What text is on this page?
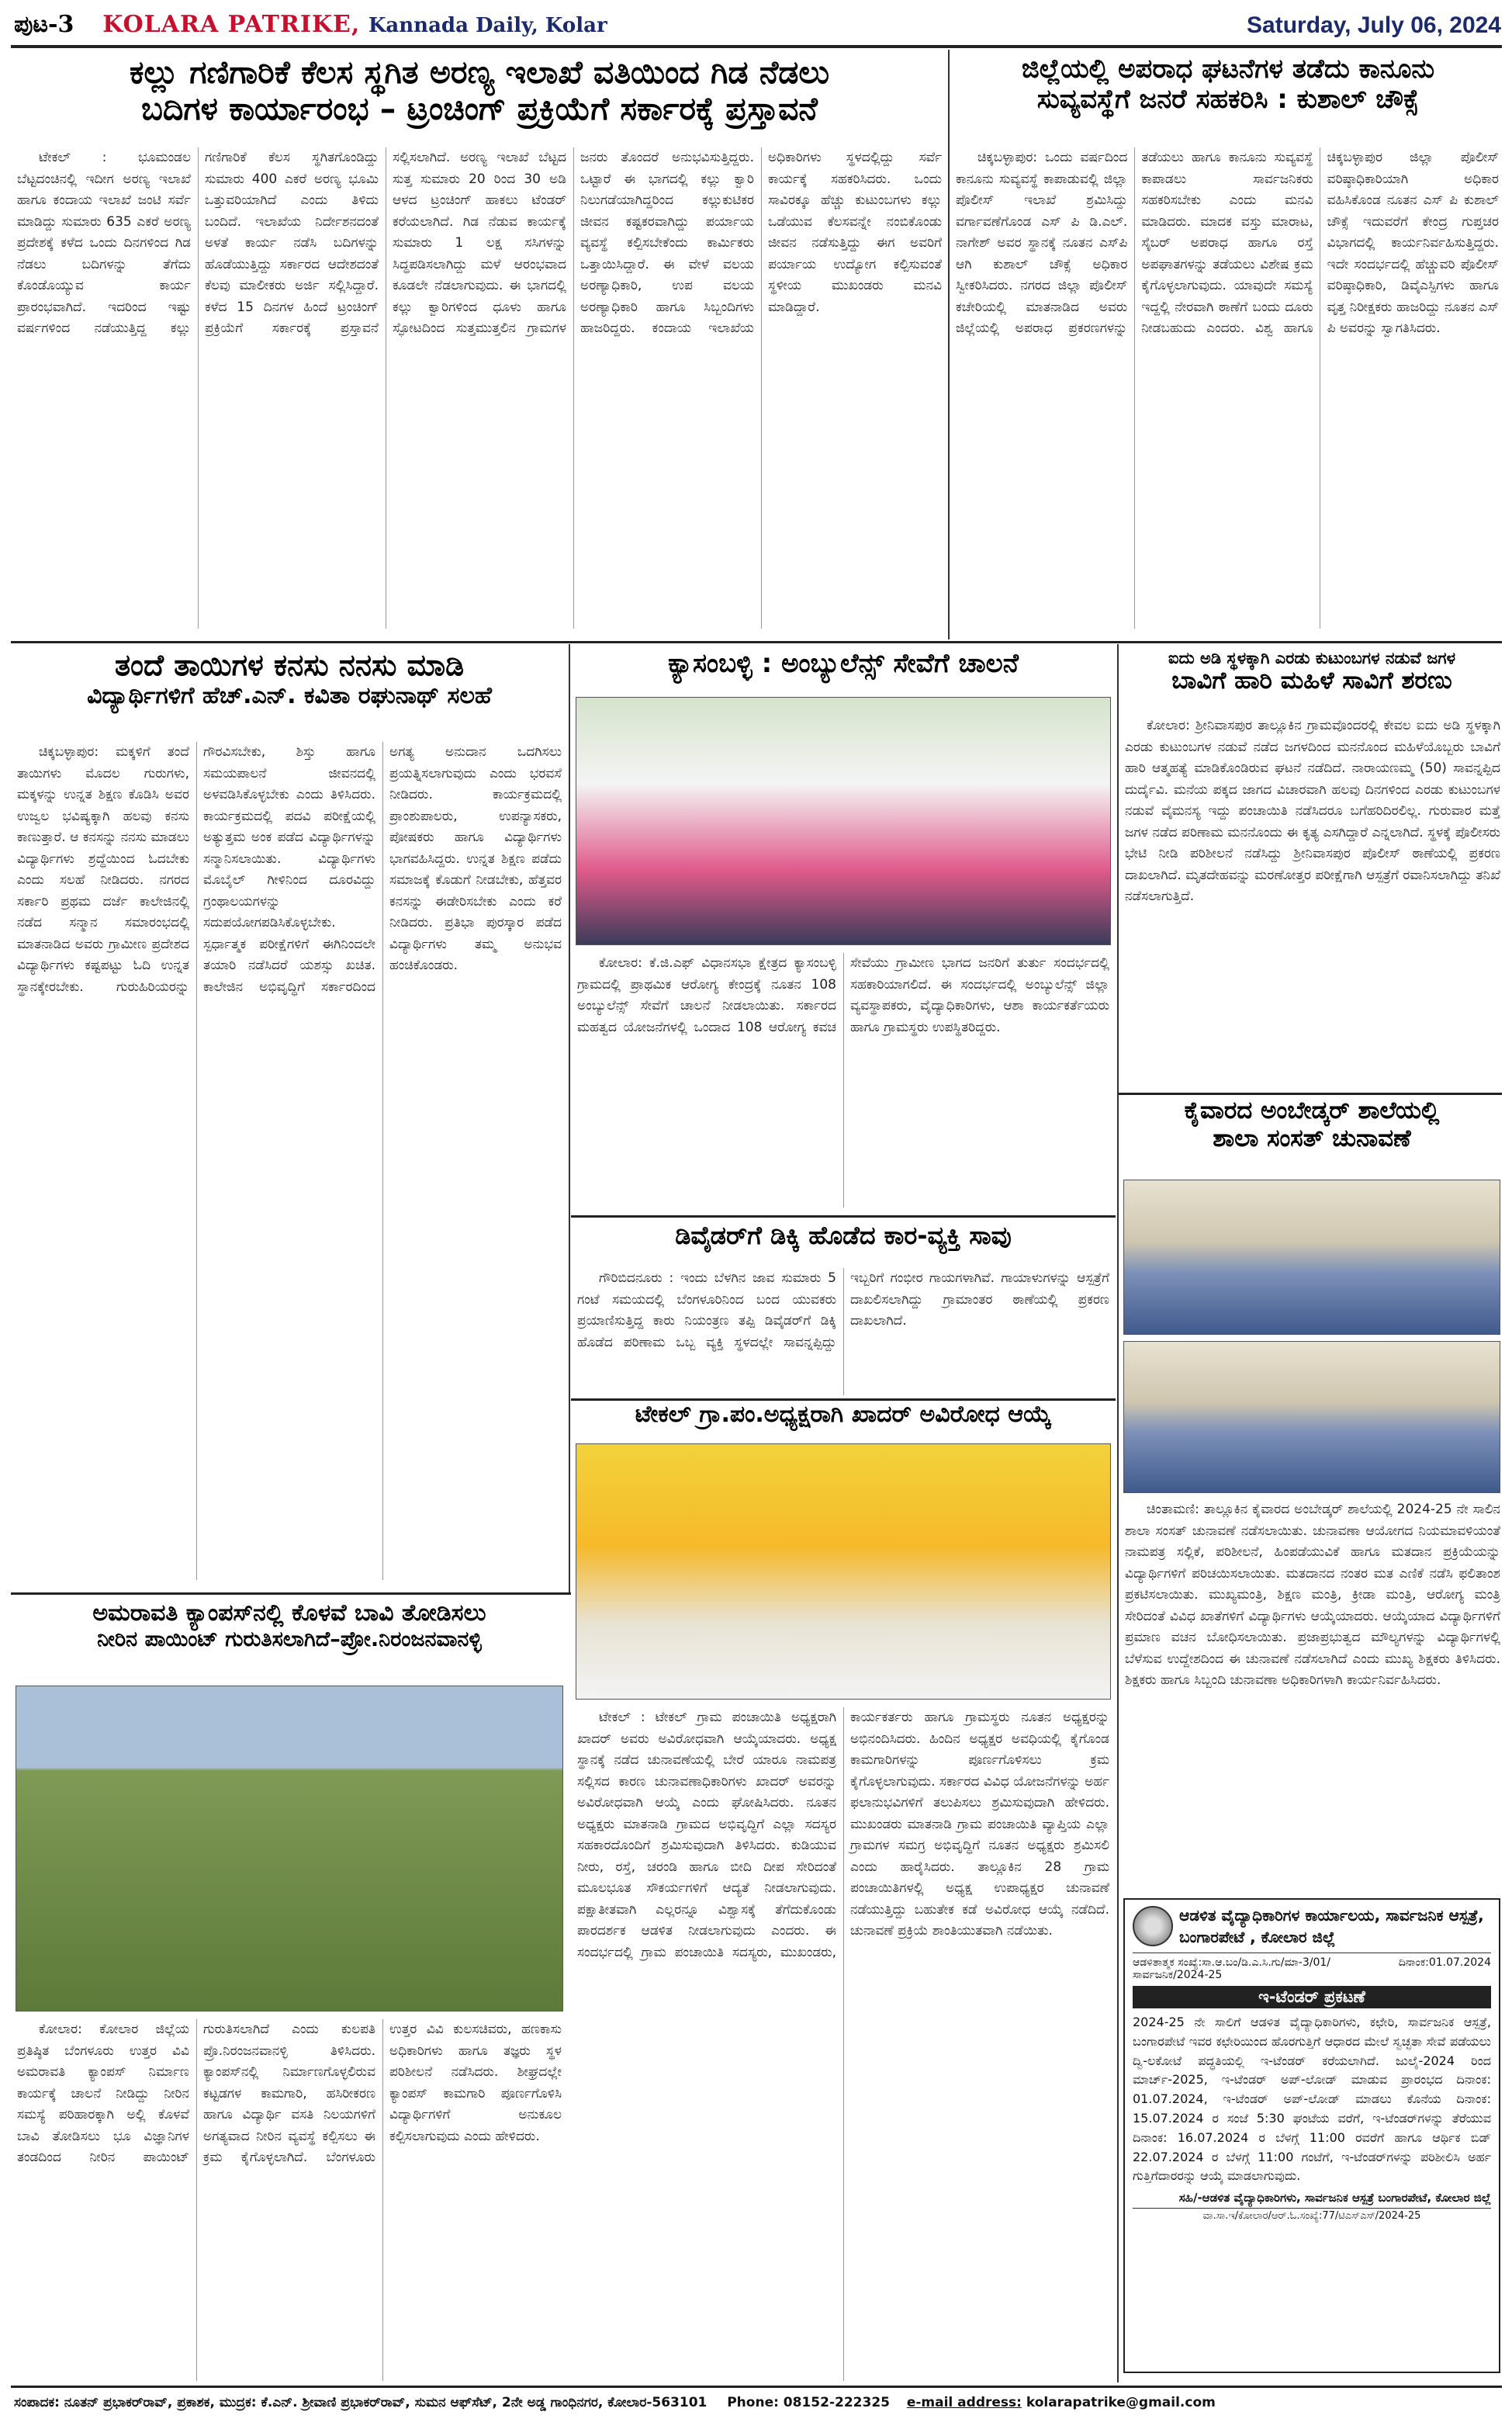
ಪುಟ-3 KOLARA PATRIKE, Kannada Daily, Kolar	Saturday, July 06, 2024
ಕಲ್ಲು ಗಣಿಗಾರಿಕೆ ಕೆಲಸ ಸ್ಥಗಿತ ಅರಣ್ಯ ಇಲಾಖೆ ವತಿಯಿಂದ ಗಿಡ ನೆಡಲು
ಬದಿಗಳ ಕಾರ್ಯಾರಂಭ – ಟ್ರಂಚಿಂಗ್ ಪ್ರಕ್ರಿಯೆಗೆ ಸರ್ಕಾರಕ್ಕೆ ಪ್ರಸ್ತಾವನೆ

ಟೇಕಲ್ : ಭೂಮಂಡಲ ಬೆಟ್ಟದಂಚಿನಲ್ಲಿ ಇದೀಗ ಅರಣ್ಯ ಇಲಾಖೆ ಹಾಗೂ ಕಂದಾಯ ಇಲಾಖೆ ಜಂಟಿ ಸರ್ವೆ ಮಾಡಿದ್ದು ಸುಮಾರು 635 ಎಕರೆ ಅರಣ್ಯ ಪ್ರದೇಶಕ್ಕೆ ಕಳೆದ ಒಂದು ದಿನಗಳಿಂದ ಗಿಡ ನೆಡಲು ಬದಿಗಳನ್ನು ತೆಗೆದು ಕೊಂಡೊಯ್ಯುವ ಕಾರ್ಯ ಪ್ರಾರಂಭವಾಗಿದೆ. ಇದರಿಂದ ಇಷ್ಟು ವರ್ಷಗಳಿಂದ ನಡೆಯುತ್ತಿದ್ದ ಕಲ್ಲು ಗಣಿಗಾರಿಕೆ ಕೆಲಸ ಸ್ಥಗಿತಗೊಂಡಿದ್ದು ಸುಮಾರು 400 ಎಕರೆ ಅರಣ್ಯ ಭೂಮಿ ಒತ್ತುವರಿಯಾಗಿದೆ ಎಂದು ತಿಳಿದು ಬಂದಿದೆ. ಇಲಾಖೆಯ ನಿರ್ದೇಶನದಂತೆ ಅಳತೆ ಕಾರ್ಯ ನಡೆಸಿ ಬದಿಗಳನ್ನು ಹೊಡೆಯುತ್ತಿದ್ದು ಸರ್ಕಾರದ ಆದೇಶದಂತೆ ಕೆಲವು ಮಾಲೀಕರು ಅರ್ಜಿ ಸಲ್ಲಿಸಿದ್ದಾರೆ. ಕಳೆದ 15 ದಿನಗಳ ಹಿಂದೆ ಟ್ರಂಚಿಂಗ್ ಪ್ರಕ್ರಿಯೆಗೆ ಸರ್ಕಾರಕ್ಕೆ ಪ್ರಸ್ತಾವನೆ ಸಲ್ಲಿಸಲಾಗಿದೆ. ಅರಣ್ಯ ಇಲಾಖೆ ಬೆಟ್ಟದ ಸುತ್ತ ಸುಮಾರು 20 ರಿಂದ 30 ಅಡಿ ಆಳದ ಟ್ರಂಚಿಂಗ್ ಹಾಕಲು ಟೆಂಡರ್ ಕರೆಯಲಾಗಿದೆ. ಗಿಡ ನೆಡುವ ಕಾರ್ಯಕ್ಕೆ ಸುಮಾರು 1 ಲಕ್ಷ ಸಸಿಗಳನ್ನು ಸಿದ್ಧಪಡಿಸಲಾಗಿದ್ದು ಮಳೆ ಆರಂಭವಾದ ಕೂಡಲೇ ನೆಡಲಾಗುವುದು. ಈ ಭಾಗದಲ್ಲಿ ಕಲ್ಲು ಕ್ವಾರಿಗಳಿಂದ ಧೂಳು ಹಾಗೂ ಸ್ಫೋಟದಿಂದ ಸುತ್ತಮುತ್ತಲಿನ ಗ್ರಾಮಗಳ ಜನರು ತೊಂದರೆ ಅನುಭವಿಸುತ್ತಿದ್ದರು. ಒಟ್ಟಾರೆ ಈ ಭಾಗದಲ್ಲಿ ಕಲ್ಲು ಕ್ವಾರಿ ನಿಲುಗಡೆಯಾಗಿದ್ದರಿಂದ ಕಲ್ಲುಕುಟಿಕರ ಜೀವನ ಕಷ್ಟಕರವಾಗಿದ್ದು ಪರ್ಯಾಯ ವ್ಯವಸ್ಥೆ ಕಲ್ಪಿಸಬೇಕೆಂದು ಕಾರ್ಮಿಕರು ಒತ್ತಾಯಿಸಿದ್ದಾರೆ. ಈ ವೇಳೆ ವಲಯ ಅರಣ್ಯಾಧಿಕಾರಿ, ಉಪ ವಲಯ ಅರಣ್ಯಾಧಿಕಾರಿ ಹಾಗೂ ಸಿಬ್ಬಂದಿಗಳು ಹಾಜರಿದ್ದರು. ಕಂದಾಯ ಇಲಾಖೆಯ ಅಧಿಕಾರಿಗಳು ಸ್ಥಳದಲ್ಲಿದ್ದು ಸರ್ವೆ ಕಾರ್ಯಕ್ಕೆ ಸಹಕರಿಸಿದರು. ಒಂದು ಸಾವಿರಕ್ಕೂ ಹೆಚ್ಚು ಕುಟುಂಬಗಳು ಕಲ್ಲು ಒಡೆಯುವ ಕೆಲಸವನ್ನೇ ನಂಬಿಕೊಂಡು ಜೀವನ ನಡೆಸುತ್ತಿದ್ದು ಈಗ ಅವರಿಗೆ ಪರ್ಯಾಯ ಉದ್ಯೋಗ ಕಲ್ಪಿಸುವಂತೆ ಸ್ಥಳೀಯ ಮುಖಂಡರು ಮನವಿ ಮಾಡಿದ್ದಾರೆ.

ಜಿಲ್ಲೆಯಲ್ಲಿ ಅಪರಾಧ ಘಟನೆಗಳ ತಡೆದು ಕಾನೂನು
ಸುವ್ಯವಸ್ಥೆಗೆ ಜನರೆ ಸಹಕರಿಸಿ : ಕುಶಾಲ್ ಚೌಕ್ಸೆ

ಚಿಕ್ಕಬಳ್ಳಾಪುರ: ಒಂದು ವರ್ಷದಿಂದ ಕಾನೂನು ಸುವ್ಯವಸ್ಥೆ ಕಾಪಾಡುವಲ್ಲಿ ಜಿಲ್ಲಾ ಪೊಲೀಸ್ ಇಲಾಖೆ ಶ್ರಮಿಸಿದ್ದು ವರ್ಗಾವಣೆಗೊಂಡ ಎಸ್ ಪಿ ಡಿ.ಎಲ್. ನಾಗೇಶ್ ಅವರ ಸ್ಥಾನಕ್ಕೆ ನೂತನ ಎಸ್‌ಪಿ ಆಗಿ ಕುಶಾಲ್ ಚೌಕ್ಸೆ ಅಧಿಕಾರ ಸ್ವೀಕರಿಸಿದರು. ನಗರದ ಜಿಲ್ಲಾ ಪೊಲೀಸ್ ಕಚೇರಿಯಲ್ಲಿ ಮಾತನಾಡಿದ ಅವರು ಜಿಲ್ಲೆಯಲ್ಲಿ ಅಪರಾಧ ಪ್ರಕರಣಗಳನ್ನು ತಡೆಯಲು ಹಾಗೂ ಕಾನೂನು ಸುವ್ಯವಸ್ಥೆ ಕಾಪಾಡಲು ಸಾರ್ವಜನಿಕರು ಸಹಕರಿಸಬೇಕು ಎಂದು ಮನವಿ ಮಾಡಿದರು. ಮಾದಕ ವಸ್ತು ಮಾರಾಟ, ಸೈಬರ್ ಅಪರಾಧ ಹಾಗೂ ರಸ್ತೆ ಅಪಘಾತಗಳನ್ನು ತಡೆಯಲು ವಿಶೇಷ ಕ್ರಮ ಕೈಗೊಳ್ಳಲಾಗುವುದು. ಯಾವುದೇ ಸಮಸ್ಯೆ ಇದ್ದಲ್ಲಿ ನೇರವಾಗಿ ಠಾಣೆಗೆ ಬಂದು ದೂರು ನೀಡಬಹುದು ಎಂದರು. ವಿಶ್ವ ಹಾಗೂ ಚಿಕ್ಕಬಳ್ಳಾಪುರ ಜಿಲ್ಲಾ ಪೊಲೀಸ್ ವರಿಷ್ಠಾಧಿಕಾರಿಯಾಗಿ ಅಧಿಕಾರ ವಹಿಸಿಕೊಂಡ ನೂತನ ಎಸ್ ಪಿ ಕುಶಾಲ್ ಚೌಕ್ಸೆ ಇದುವರೆಗೆ ಕೇಂದ್ರ ಗುಪ್ತಚರ ವಿಭಾಗದಲ್ಲಿ ಕಾರ್ಯನಿರ್ವಹಿಸುತ್ತಿದ್ದರು. ಇದೇ ಸಂದರ್ಭದಲ್ಲಿ ಹೆಚ್ಚುವರಿ ಪೊಲೀಸ್ ವರಿಷ್ಠಾಧಿಕಾರಿ, ಡಿವೈಎಸ್ಪಿಗಳು ಹಾಗೂ ವೃತ್ತ ನಿರೀಕ್ಷಕರು ಹಾಜರಿದ್ದು ನೂತನ ಎಸ್ ಪಿ ಅವರನ್ನು ಸ್ವಾಗತಿಸಿದರು.

ತಂದೆ ತಾಯಿಗಳ ಕನಸು ನನಸು ಮಾಡಿ
ವಿದ್ಯಾರ್ಥಿಗಳಿಗೆ ಹೆಚ್.ಎನ್. ಕವಿತಾ ರಘುನಾಥ್ ಸಲಹೆ

ಚಿಕ್ಕಬಳ್ಳಾಪುರ: ಮಕ್ಕಳಿಗೆ ತಂದೆ ತಾಯಿಗಳು ಮೊದಲ ಗುರುಗಳು, ಮಕ್ಕಳನ್ನು ಉನ್ನತ ಶಿಕ್ಷಣ ಕೊಡಿಸಿ ಅವರ ಉಜ್ವಲ ಭವಿಷ್ಯಕ್ಕಾಗಿ ಹಲವು ಕನಸು ಕಾಣುತ್ತಾರೆ. ಆ ಕನಸನ್ನು ನನಸು ಮಾಡಲು ವಿದ್ಯಾರ್ಥಿಗಳು ಶ್ರದ್ಧೆಯಿಂದ ಓದಬೇಕು ಎಂದು ಸಲಹೆ ನೀಡಿದರು. ನಗರದ ಸರ್ಕಾರಿ ಪ್ರಥಮ ದರ್ಜೆ ಕಾಲೇಜಿನಲ್ಲಿ ನಡೆದ ಸನ್ಮಾನ ಸಮಾರಂಭದಲ್ಲಿ ಮಾತನಾಡಿದ ಅವರು ಗ್ರಾಮೀಣ ಪ್ರದೇಶದ ವಿದ್ಯಾರ್ಥಿಗಳು ಕಷ್ಟಪಟ್ಟು ಓದಿ ಉನ್ನತ ಸ್ಥಾನಕ್ಕೇರಬೇಕು. ಗುರುಹಿರಿಯರನ್ನು ಗೌರವಿಸಬೇಕು, ಶಿಸ್ತು ಹಾಗೂ ಸಮಯಪಾಲನೆ ಜೀವನದಲ್ಲಿ ಅಳವಡಿಸಿಕೊಳ್ಳಬೇಕು ಎಂದು ತಿಳಿಸಿದರು. ಕಾರ್ಯಕ್ರಮದಲ್ಲಿ ಪದವಿ ಪರೀಕ್ಷೆಯಲ್ಲಿ ಅತ್ಯುತ್ತಮ ಅಂಕ ಪಡೆದ ವಿದ್ಯಾರ್ಥಿಗಳನ್ನು ಸನ್ಮಾನಿಸಲಾಯಿತು. ವಿದ್ಯಾರ್ಥಿಗಳು ಮೊಬೈಲ್ ಗೀಳಿನಿಂದ ದೂರವಿದ್ದು ಗ್ರಂಥಾಲಯಗಳನ್ನು ಸದುಪಯೋಗಪಡಿಸಿಕೊಳ್ಳಬೇಕು. ಸ್ಪರ್ಧಾತ್ಮಕ ಪರೀಕ್ಷೆಗಳಿಗೆ ಈಗಿನಿಂದಲೇ ತಯಾರಿ ನಡೆಸಿದರೆ ಯಶಸ್ಸು ಖಚಿತ. ಕಾಲೇಜಿನ ಅಭಿವೃದ್ಧಿಗೆ ಸರ್ಕಾರದಿಂದ ಅಗತ್ಯ ಅನುದಾನ ಒದಗಿಸಲು ಪ್ರಯತ್ನಿಸಲಾಗುವುದು ಎಂದು ಭರವಸೆ ನೀಡಿದರು. ಕಾರ್ಯಕ್ರಮದಲ್ಲಿ ಪ್ರಾಂಶುಪಾಲರು, ಉಪನ್ಯಾಸಕರು, ಪೋಷಕರು ಹಾಗೂ ವಿದ್ಯಾರ್ಥಿಗಳು ಭಾಗವಹಿಸಿದ್ದರು. ಉನ್ನತ ಶಿಕ್ಷಣ ಪಡೆದು ಸಮಾಜಕ್ಕೆ ಕೊಡುಗೆ ನೀಡಬೇಕು, ಹೆತ್ತವರ ಕನಸನ್ನು ಈಡೇರಿಸಬೇಕು ಎಂದು ಕರೆ ನೀಡಿದರು. ಪ್ರತಿಭಾ ಪುರಸ್ಕಾರ ಪಡೆದ ವಿದ್ಯಾರ್ಥಿಗಳು ತಮ್ಮ ಅನುಭವ ಹಂಚಿಕೊಂಡರು.

ಕ್ಯಾಸಂಬಳ್ಳಿ : ಅಂಬ್ಯುಲೆನ್ಸ್ ಸೇವೆಗೆ ಚಾಲನೆ

ಕೋಲಾರ: ಕೆ.ಜಿ.ಎಫ್ ವಿಧಾನಸಭಾ ಕ್ಷೇತ್ರದ ಕ್ಯಾಸಂಬಳ್ಳಿ ಗ್ರಾಮದಲ್ಲಿ ಪ್ರಾಥಮಿಕ ಆರೋಗ್ಯ ಕೇಂದ್ರಕ್ಕೆ ನೂತನ 108 ಅಂಬ್ಯುಲೆನ್ಸ್ ಸೇವೆಗೆ ಚಾಲನೆ ನೀಡಲಾಯಿತು. ಸರ್ಕಾರದ ಮಹತ್ವದ ಯೋಜನೆಗಳಲ್ಲಿ ಒಂದಾದ 108 ಆರೋಗ್ಯ ಕವಚ ಸೇವೆಯು ಗ್ರಾಮೀಣ ಭಾಗದ ಜನರಿಗೆ ತುರ್ತು ಸಂದರ್ಭದಲ್ಲಿ ಸಹಕಾರಿಯಾಗಲಿದೆ. ಈ ಸಂದರ್ಭದಲ್ಲಿ ಅಂಬ್ಯುಲೆನ್ಸ್ ಜಿಲ್ಲಾ ವ್ಯವಸ್ಥಾಪಕರು, ವೈದ್ಯಾಧಿಕಾರಿಗಳು, ಆಶಾ ಕಾರ್ಯಕರ್ತೆಯರು ಹಾಗೂ ಗ್ರಾಮಸ್ಥರು ಉಪಸ್ಥಿತರಿದ್ದರು.

ಡಿವೈಡರ್‌ಗೆ ಡಿಕ್ಕಿ ಹೊಡೆದ ಕಾರ-ವ್ಯಕ್ತಿ ಸಾವು

ಗೌರಿಬಿದನೂರು : ಇಂದು ಬೆಳಗಿನ ಜಾವ ಸುಮಾರು 5 ಗಂಟೆ ಸಮಯದಲ್ಲಿ ಬೆಂಗಳೂರಿನಿಂದ ಬಂದ ಯುವಕರು ಪ್ರಯಾಣಿಸುತ್ತಿದ್ದ ಕಾರು ನಿಯಂತ್ರಣ ತಪ್ಪಿ ಡಿವೈಡರ್‌ಗೆ ಡಿಕ್ಕಿ ಹೊಡೆದ ಪರಿಣಾಮ ಒಬ್ಬ ವ್ಯಕ್ತಿ ಸ್ಥಳದಲ್ಲೇ ಸಾವನ್ನಪ್ಪಿದ್ದು ಇಬ್ಬರಿಗೆ ಗಂಭೀರ ಗಾಯಗಳಾಗಿವೆ. ಗಾಯಾಳುಗಳನ್ನು ಆಸ್ಪತ್ರೆಗೆ ದಾಖಲಿಸಲಾಗಿದ್ದು ಗ್ರಾಮಾಂತರ ಠಾಣೆಯಲ್ಲಿ ಪ್ರಕರಣ ದಾಖಲಾಗಿದೆ.

ಟೇಕಲ್ ಗ್ರಾ.ಪಂ.ಅಧ್ಯಕ್ಷರಾಗಿ ಖಾದರ್ ಅವಿರೋಧ ಆಯ್ಕೆ

ಟೇಕಲ್ : ಟೇಕಲ್ ಗ್ರಾಮ ಪಂಚಾಯಿತಿ ಅಧ್ಯಕ್ಷರಾಗಿ ಖಾದರ್ ಅವರು ಅವಿರೋಧವಾಗಿ ಆಯ್ಕೆಯಾದರು. ಅಧ್ಯಕ್ಷ ಸ್ಥಾನಕ್ಕೆ ನಡೆದ ಚುನಾವಣೆಯಲ್ಲಿ ಬೇರೆ ಯಾರೂ ನಾಮಪತ್ರ ಸಲ್ಲಿಸದ ಕಾರಣ ಚುನಾವಣಾಧಿಕಾರಿಗಳು ಖಾದರ್ ಅವರನ್ನು ಅವಿರೋಧವಾಗಿ ಆಯ್ಕೆ ಎಂದು ಘೋಷಿಸಿದರು. ನೂತನ ಅಧ್ಯಕ್ಷರು ಮಾತನಾಡಿ ಗ್ರಾಮದ ಅಭಿವೃದ್ಧಿಗೆ ಎಲ್ಲಾ ಸದಸ್ಯರ ಸಹಕಾರದೊಂದಿಗೆ ಶ್ರಮಿಸುವುದಾಗಿ ತಿಳಿಸಿದರು. ಕುಡಿಯುವ ನೀರು, ರಸ್ತೆ, ಚರಂಡಿ ಹಾಗೂ ಬೀದಿ ದೀಪ ಸೇರಿದಂತೆ ಮೂಲಭೂತ ಸೌಕರ್ಯಗಳಿಗೆ ಆದ್ಯತೆ ನೀಡಲಾಗುವುದು. ಪಕ್ಷಾತೀತವಾಗಿ ಎಲ್ಲರನ್ನೂ ವಿಶ್ವಾಸಕ್ಕೆ ತೆಗೆದುಕೊಂಡು ಪಾರದರ್ಶಕ ಆಡಳಿತ ನೀಡಲಾಗುವುದು ಎಂದರು. ಈ ಸಂದರ್ಭದಲ್ಲಿ ಗ್ರಾಮ ಪಂಚಾಯಿತಿ ಸದಸ್ಯರು, ಮುಖಂಡರು, ಕಾರ್ಯಕರ್ತರು ಹಾಗೂ ಗ್ರಾಮಸ್ಥರು ನೂತನ ಅಧ್ಯಕ್ಷರನ್ನು ಅಭಿನಂದಿಸಿದರು. ಹಿಂದಿನ ಅಧ್ಯಕ್ಷರ ಅವಧಿಯಲ್ಲಿ ಕೈಗೊಂಡ ಕಾಮಗಾರಿಗಳನ್ನು ಪೂರ್ಣಗೊಳಿಸಲು ಕ್ರಮ ಕೈಗೊಳ್ಳಲಾಗುವುದು. ಸರ್ಕಾರದ ವಿವಿಧ ಯೋಜನೆಗಳನ್ನು ಅರ್ಹ ಫಲಾನುಭವಿಗಳಿಗೆ ತಲುಪಿಸಲು ಶ್ರಮಿಸುವುದಾಗಿ ಹೇಳಿದರು. ಮುಖಂಡರು ಮಾತನಾಡಿ ಗ್ರಾಮ ಪಂಚಾಯಿತಿ ವ್ಯಾಪ್ತಿಯ ಎಲ್ಲಾ ಗ್ರಾಮಗಳ ಸಮಗ್ರ ಅಭಿವೃದ್ಧಿಗೆ ನೂತನ ಅಧ್ಯಕ್ಷರು ಶ್ರಮಿಸಲಿ ಎಂದು ಹಾರೈಸಿದರು. ತಾಲ್ಲೂಕಿನ 28 ಗ್ರಾಮ ಪಂಚಾಯಿತಿಗಳಲ್ಲಿ ಅಧ್ಯಕ್ಷ ಉಪಾಧ್ಯಕ್ಷರ ಚುನಾವಣೆ ನಡೆಯುತ್ತಿದ್ದು ಬಹುತೇಕ ಕಡೆ ಅವಿರೋಧ ಆಯ್ಕೆ ನಡೆದಿದೆ. ಚುನಾವಣೆ ಪ್ರಕ್ರಿಯೆ ಶಾಂತಿಯುತವಾಗಿ ನಡೆಯಿತು.

ಐದು ಅಡಿ ಸ್ಥಳಕ್ಕಾಗಿ ಎರಡು ಕುಟುಂಬಗಳ ನಡುವೆ ಜಗಳ
ಬಾವಿಗೆ ಹಾರಿ ಮಹಿಳೆ ಸಾವಿಗೆ ಶರಣು

ಕೋಲಾರ: ಶ್ರೀನಿವಾಸಪುರ ತಾಲ್ಲೂಕಿನ ಗ್ರಾಮವೊಂದರಲ್ಲಿ ಕೇವಲ ಐದು ಅಡಿ ಸ್ಥಳಕ್ಕಾಗಿ ಎರಡು ಕುಟುಂಬಗಳ ನಡುವೆ ನಡೆದ ಜಗಳದಿಂದ ಮನನೊಂದ ಮಹಿಳೆಯೊಬ್ಬರು ಬಾವಿಗೆ ಹಾರಿ ಆತ್ಮಹತ್ಯೆ ಮಾಡಿಕೊಂಡಿರುವ ಘಟನೆ ನಡೆದಿದೆ. ನಾರಾಯಣಮ್ಮ (50) ಸಾವನ್ನಪ್ಪಿದ ದುರ್ದೈವಿ. ಮನೆಯ ಪಕ್ಕದ ಜಾಗದ ವಿಚಾರವಾಗಿ ಹಲವು ದಿನಗಳಿಂದ ಎರಡು ಕುಟುಂಬಗಳ ನಡುವೆ ವೈಮನಸ್ಯ ಇದ್ದು ಪಂಚಾಯಿತಿ ನಡೆಸಿದರೂ ಬಗೆಹರಿದಿರಲಿಲ್ಲ. ಗುರುವಾರ ಮತ್ತೆ ಜಗಳ ನಡೆದ ಪರಿಣಾಮ ಮನನೊಂದು ಈ ಕೃತ್ಯ ಎಸಗಿದ್ದಾರೆ ಎನ್ನಲಾಗಿದೆ. ಸ್ಥಳಕ್ಕೆ ಪೊಲೀಸರು ಭೇಟಿ ನೀಡಿ ಪರಿಶೀಲನೆ ನಡೆಸಿದ್ದು ಶ್ರೀನಿವಾಸಪುರ ಪೊಲೀಸ್ ಠಾಣೆಯಲ್ಲಿ ಪ್ರಕರಣ ದಾಖಲಾಗಿದೆ. ಮೃತದೇಹವನ್ನು ಮರಣೋತ್ತರ ಪರೀಕ್ಷೆಗಾಗಿ ಆಸ್ಪತ್ರೆಗೆ ರವಾನಿಸಲಾಗಿದ್ದು ತನಿಖೆ ನಡೆಸಲಾಗುತ್ತಿದೆ.

ಕೈವಾರದ ಅಂಬೇಡ್ಕರ್ ಶಾಲೆಯಲ್ಲಿ
ಶಾಲಾ ಸಂಸತ್ ಚುನಾವಣೆ

ಚಿಂತಾಮಣಿ: ತಾಲ್ಲೂಕಿನ ಕೈವಾರದ ಅಂಬೇಡ್ಕರ್ ಶಾಲೆಯಲ್ಲಿ 2024-25 ನೇ ಸಾಲಿನ ಶಾಲಾ ಸಂಸತ್ ಚುನಾವಣೆ ನಡೆಸಲಾಯಿತು. ಚುನಾವಣಾ ಆಯೋಗದ ನಿಯಮಾವಳಿಯಂತೆ ನಾಮಪತ್ರ ಸಲ್ಲಿಕೆ, ಪರಿಶೀಲನೆ, ಹಿಂಪಡೆಯುವಿಕೆ ಹಾಗೂ ಮತದಾನ ಪ್ರಕ್ರಿಯೆಯನ್ನು ವಿದ್ಯಾರ್ಥಿಗಳಿಗೆ ಪರಿಚಯಿಸಲಾಯಿತು. ಮತದಾನದ ನಂತರ ಮತ ಎಣಿಕೆ ನಡೆಸಿ ಫಲಿತಾಂಶ ಪ್ರಕಟಿಸಲಾಯಿತು. ಮುಖ್ಯಮಂತ್ರಿ, ಶಿಕ್ಷಣ ಮಂತ್ರಿ, ಕ್ರೀಡಾ ಮಂತ್ರಿ, ಆರೋಗ್ಯ ಮಂತ್ರಿ ಸೇರಿದಂತೆ ವಿವಿಧ ಖಾತೆಗಳಿಗೆ ವಿದ್ಯಾರ್ಥಿಗಳು ಆಯ್ಕೆಯಾದರು. ಆಯ್ಕೆಯಾದ ವಿದ್ಯಾರ್ಥಿಗಳಿಗೆ ಪ್ರಮಾಣ ವಚನ ಬೋಧಿಸಲಾಯಿತು. ಪ್ರಜಾಪ್ರಭುತ್ವದ ಮೌಲ್ಯಗಳನ್ನು ವಿದ್ಯಾರ್ಥಿಗಳಲ್ಲಿ ಬೆಳೆಸುವ ಉದ್ದೇಶದಿಂದ ಈ ಚುನಾವಣೆ ನಡೆಸಲಾಗಿದೆ ಎಂದು ಮುಖ್ಯ ಶಿಕ್ಷಕರು ತಿಳಿಸಿದರು. ಶಿಕ್ಷಕರು ಹಾಗೂ ಸಿಬ್ಬಂದಿ ಚುನಾವಣಾ ಅಧಿಕಾರಿಗಳಾಗಿ ಕಾರ್ಯನಿರ್ವಹಿಸಿದರು.

ಆಡಳಿತ ವೈದ್ಯಾಧಿಕಾರಿಗಳ ಕಾರ್ಯಾಲಯ, ಸಾರ್ವಜನಿಕ ಆಸ್ಪತ್ರೆ, ಬಂಗಾರಪೇಟೆ , ಕೋಲಾರ ಜಿಲ್ಲೆ
ಆಡಳಿತಾತ್ಮಕ ಸಂಖ್ಯೆ:ಸಾ.ಆ.ಬಂ/ಡಿ.ಎ.ಸಿ.ಗು/ಮಾ-3/01/ಸಾರ್ವಜನಿಕ/2024-25
ದಿನಾಂಕ:01.07.2024
ಇ-ಟೆಂಡರ್ ಪ್ರಕಟಣೆ
2024-25 ನೇ ಸಾಲಿಗೆ ಆಡಳಿತ ವೈದ್ಯಾಧಿಕಾರಿಗಳು, ಕಛೇರಿ, ಸಾರ್ವಜನಿಕ ಆಸ್ಪತ್ರೆ, ಬಂಗಾರಪೇಟೆ ಇವರ ಕಛೇರಿಯಿಂದ ಹೊರಗುತ್ತಿಗೆ ಆಧಾರದ ಮೇಲೆ ಸ್ವಚ್ಛತಾ ಸೇವೆ ಪಡೆಯಲು ದ್ವಿ-ಲಕೋಟೆ ಪದ್ಧತಿಯಲ್ಲಿ ಇ-ಟೆಂಡರ್ ಕರೆಯಲಾಗಿದೆ. ಜುಲೈ-2024 ರಿಂದ ಮಾರ್ಚ್-2025, ಇ-ಟೆಂಡರ್ ಅಪ್-ಲೋಡ್ ಮಾಡುವ ಪ್ರಾರಂಭದ ದಿನಾಂಕ: 01.07.2024, ಇ-ಟೆಂಡರ್ ಅಪ್-ಲೋಡ್ ಮಾಡಲು ಕೊನೆಯ ದಿನಾಂಕ: 15.07.2024 ರ ಸಂಜೆ 5:30 ಘಂಟೆಯ ವರೆಗೆ, ಇ-ಟೆಂಡರ್‌ಗಳನ್ನು ತೆರೆಯುವ ದಿನಾಂಕ: 16.07.2024 ರ ಬೆಳಗ್ಗೆ 11:00 ರವರೆಗೆ ಹಾಗೂ ಆರ್ಥಿಕ ಬಿಡ್ 22.07.2024 ರ ಬೆಳಗ್ಗೆ 11:00 ಗಂಟೆಗೆ, ಇ-ಟೆಂಡರ್‌ಗಳನ್ನು ಪರಿಶೀಲಿಸಿ ಅರ್ಹ ಗುತ್ತಿಗೆದಾರರನ್ನು ಆಯ್ಕೆ ಮಾಡಲಾಗುವುದು.
ಸಹಿ/-ಆಡಳಿತ ವೈದ್ಯಾಧಿಕಾರಿಗಳು, ಸಾರ್ವಜನಿಕ ಆಸ್ಪತ್ರೆ ಬಂಗಾರಪೇಟೆ, ಕೋಲಾರ ಜಿಲ್ಲೆ
ವಾ.ಸಾ.ಇ/ಕೋಲಾರ/ಆರ್.ಓ.ಸಂಖ್ಯೆ:77/ಟಿಎಸ್‌ಎಸ್/2024-25
ಅಮರಾವತಿ ಕ್ಯಾಂಪಸ್‌ನಲ್ಲಿ ಕೊಳವೆ ಬಾವಿ ತೋಡಿಸಲು
ನೀರಿನ ಪಾಯಿಂಟ್ ಗುರುತಿಸಲಾಗಿದೆ–ಪ್ರೋ.ನಿರಂಜನವಾನಳ್ಳಿ

ಕೋಲಾರ: ಕೋಲಾರ ಜಿಲ್ಲೆಯ ಪ್ರತಿಷ್ಠಿತ ಬೆಂಗಳೂರು ಉತ್ತರ ವಿವಿ ಅಮರಾವತಿ ಕ್ಯಾಂಪಸ್ ನಿರ್ಮಾಣ ಕಾರ್ಯಕ್ಕೆ ಚಾಲನೆ ನೀಡಿದ್ದು ನೀರಿನ ಸಮಸ್ಯೆ ಪರಿಹಾರಕ್ಕಾಗಿ ಅಲ್ಲಿ ಕೊಳವೆ ಬಾವಿ ತೋಡಿಸಲು ಭೂ ವಿಜ್ಞಾನಿಗಳ ತಂಡದಿಂದ ನೀರಿನ ಪಾಯಿಂಟ್ ಗುರುತಿಸಲಾಗಿದೆ ಎಂದು ಕುಲಪತಿ ಪ್ರೊ.ನಿರಂಜನವಾನಳ್ಳಿ ತಿಳಿಸಿದರು. ಕ್ಯಾಂಪಸ್‌ನಲ್ಲಿ ನಿರ್ಮಾಣಗೊಳ್ಳಲಿರುವ ಕಟ್ಟಡಗಳ ಕಾಮಗಾರಿ, ಹಸಿರೀಕರಣ ಹಾಗೂ ವಿದ್ಯಾರ್ಥಿ ವಸತಿ ನಿಲಯಗಳಿಗೆ ಅಗತ್ಯವಾದ ನೀರಿನ ವ್ಯವಸ್ಥೆ ಕಲ್ಪಿಸಲು ಈ ಕ್ರಮ ಕೈಗೊಳ್ಳಲಾಗಿದೆ. ಬೆಂಗಳೂರು ಉತ್ತರ ವಿವಿ ಕುಲಸಚಿವರು, ಹಣಕಾಸು ಅಧಿಕಾರಿಗಳು ಹಾಗೂ ತಜ್ಞರು ಸ್ಥಳ ಪರಿಶೀಲನೆ ನಡೆಸಿದರು. ಶೀಘ್ರದಲ್ಲೇ ಕ್ಯಾಂಪಸ್ ಕಾಮಗಾರಿ ಪೂರ್ಣಗೊಳಿಸಿ ವಿದ್ಯಾರ್ಥಿಗಳಿಗೆ ಅನುಕೂಲ ಕಲ್ಪಿಸಲಾಗುವುದು ಎಂದು ಹೇಳಿದರು.

ಸಂಪಾದಕ: ನೂತನ್ ಪ್ರಭಾಕರ್‌ರಾವ್, ಪ್ರಕಾಶಕ, ಮುದ್ರಕ: ಕೆ.ಎನ್. ಶ್ರೀವಾಣಿ ಪ್ರಭಾಕರ್‌ರಾವ್, ಸುಮನ ಆಫ್‌ಸೆಟ್, 2ನೇ ಅಡ್ಡ ಗಾಂಧಿನಗರ, ಕೋಲಾರ-563101 Phone: 08152-222325 e-mail address: kolarapatrike@gmail.com
